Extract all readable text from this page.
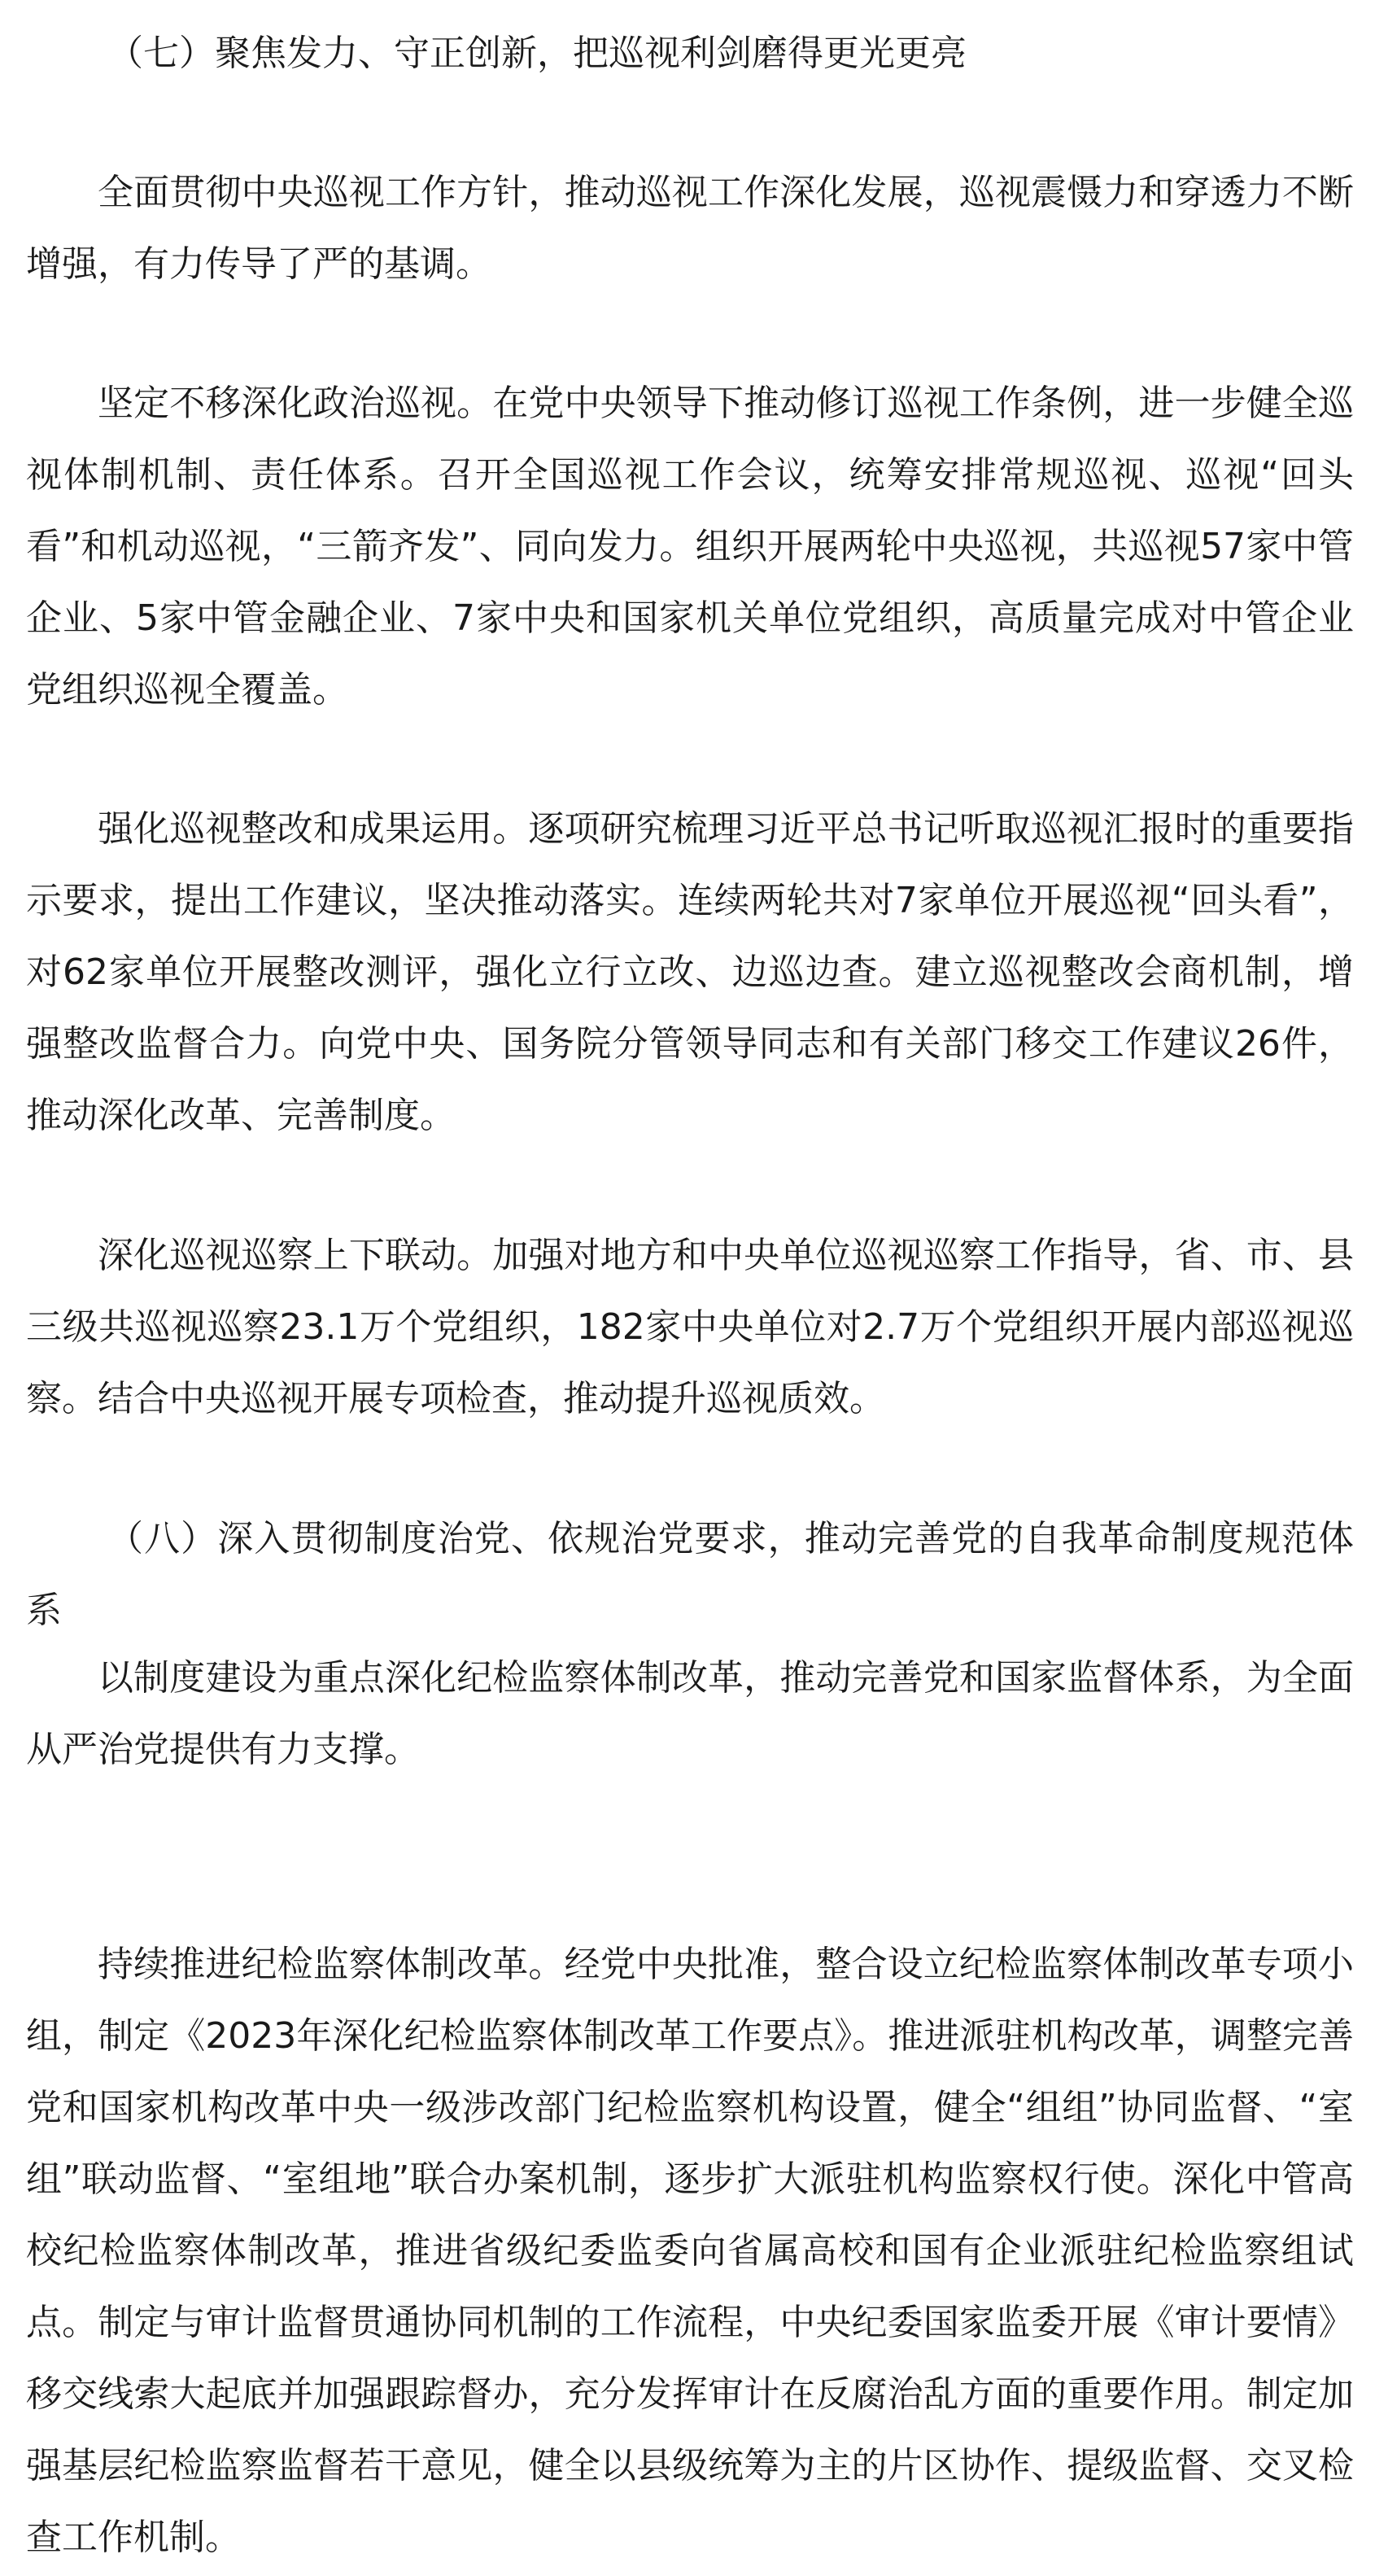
（七）聚焦发力、守正创新，把巡视利剑磨得更光更亮

全面贯彻中央巡视工作方针，推动巡视工作深化发展，巡视震慑力和穿透力不断增强，有力传导了严的基调。

坚定不移深化政治巡视。在党中央领导下推动修订巡视工作条例，进一步健全巡视体制机制、责任体系。召开全国巡视工作会议，统筹安排常规巡视、巡视“回头看”和机动巡视，“三箭齐发”、同向发力。组织开展两轮中央巡视，共巡视57家中管企业、5家中管金融企业、7家中央和国家机关单位党组织，高质量完成对中管企业党组织巡视全覆盖。

强化巡视整改和成果运用。逐项研究梳理习近平总书记听取巡视汇报时的重要指示要求，提出工作建议，坚决推动落实。连续两轮共对7家单位开展巡视“回头看”，对62家单位开展整改测评，强化立行立改、边巡边查。建立巡视整改会商机制，增强整改监督合力。向党中央、国务院分管领导同志和有关部门移交工作建议26件，推动深化改革、完善制度。

深化巡视巡察上下联动。加强对地方和中央单位巡视巡察工作指导，省、市、县三级共巡视巡察23.1万个党组织，182家中央单位对2.7万个党组织开展内部巡视巡察。结合中央巡视开展专项检查，推动提升巡视质效。

（八）深入贯彻制度治党、依规治党要求，推动完善党的自我革命制度规范体系

以制度建设为重点深化纪检监察体制改革，推动完善党和国家监督体系，为全面从严治党提供有力支撑。

持续推进纪检监察体制改革。经党中央批准，整合设立纪检监察体制改革专项小组，制定《2023年深化纪检监察体制改革工作要点》。推进派驻机构改革，调整完善党和国家机构改革中央一级涉改部门纪检监察机构设置，健全“组组”协同监督、“室组”联动监督、“室组地”联合办案机制，逐步扩大派驻机构监察权行使。深化中管高校纪检监察体制改革，推进省级纪委监委向省属高校和国有企业派驻纪检监察组试点。制定与审计监督贯通协同机制的工作流程，中央纪委国家监委开展《审计要情》移交线索大起底并加强跟踪督办，充分发挥审计在反腐治乱方面的重要作用。制定加强基层纪检监察监督若干意见，健全以县级统筹为主的片区协作、提级监督、交叉检查工作机制。
